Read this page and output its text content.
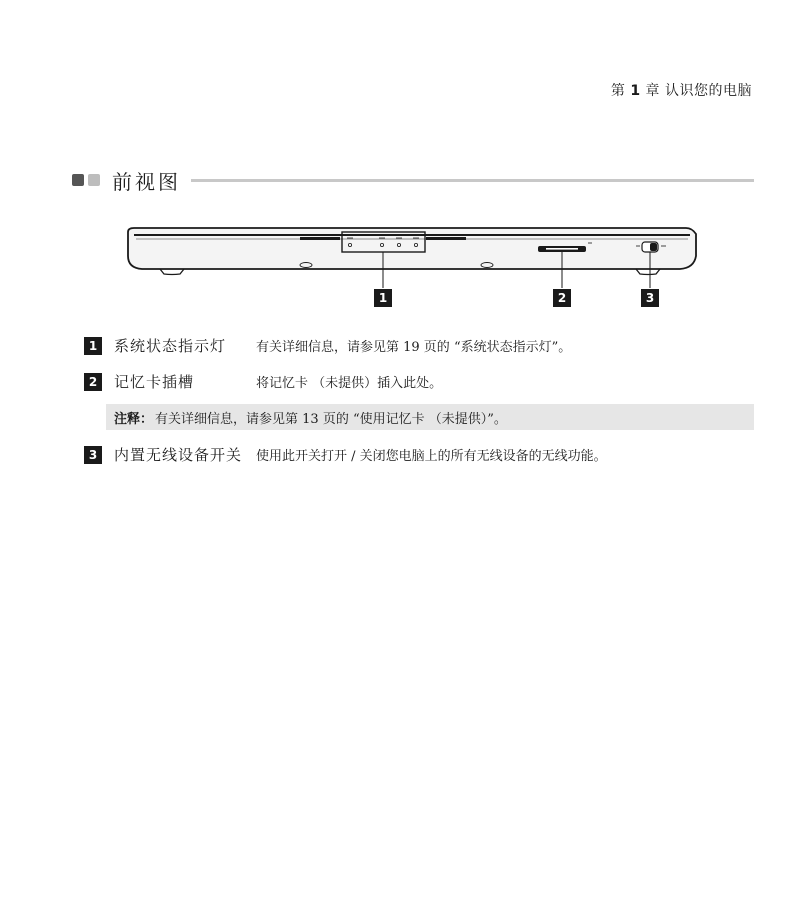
第 1 章 认识您的电脑
前视图
1	2	3
1	系统状态指示灯	有关详细信息，请参见第 19 页的 “系统状态指示灯”。
2	记忆卡插槽	将记忆卡 （未提供）插入此处。
注释： 有关详细信息，请参见第 13 页的 “使用记忆卡 （未提供）”。
3	内置无线设备开关	使用此开关打开 / 关闭您电脑上的所有无线设备的无线功能。
